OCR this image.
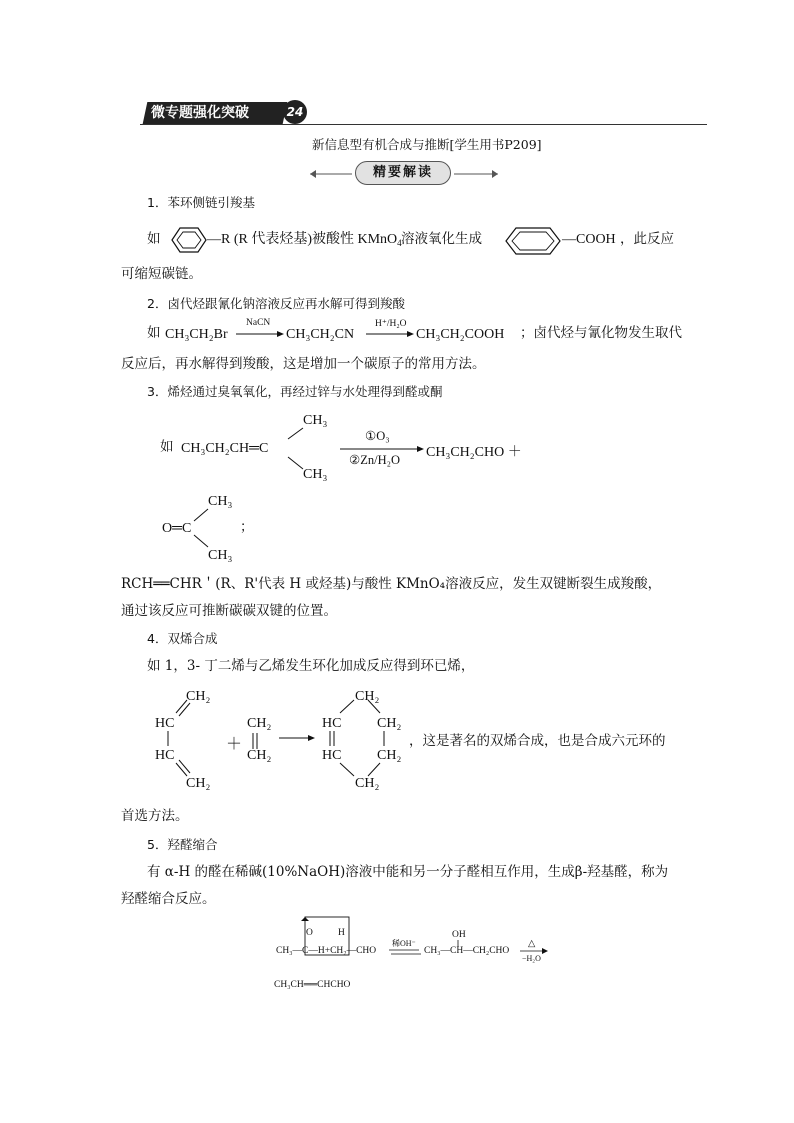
微专题强化突破	24
新信息型有机合成与推断[学生用书P209]
精要解读
1．苯环侧链引羧基
如	—R (R 代表烃基)被酸性 KMnO$_4$ 溶液氧化生成	—COOH ，此反应
可缩短碳链。
2．卤代烃跟氰化钠溶液反应再水解可得到羧酸
如 CH₃CH₂Br
NaCN
→ CH₃CH₂CN
H⁺/H₂O
→ CH₃CH₂COOH ；卤代烃与氰化物发生取代
反应后，再水解得到羧酸，这是增加一个碳原子的常用方法。
3．烯烃通过臭氧氧化，再经过锌与水处理得到醛或酮
如 CH₃CH₂CH═C
CH₃
CH₃
①O₃
②Zn/H₂O CH₃CH₂CHO ＋
CH₃
O═C
CH₃
；
RCH══CHR＇(R、R'代表 H 或烃基)与酸性 KMnO₄溶液反应，发生双键断裂生成羧酸，
通过该反应可推断碳碳双键的位置。
4．双烯合成
如 1，3- 丁二烯与乙烯发生环化加成反应得到环已烯，
CH₂
HC
HC
CH₂
＋
CH₂
CH₂
CH₂
HC	CH₂
HC	CH₂
CH₂
，这是著名的双烯合成，也是合成六元环的
首选方法。
5．羟醛缩合
有 α-H 的醛在稀碱(10%NaOH)溶液中能和另一分子醛相互作用，生成β-羟基醛，称为
羟醛缩合反应。
O	H
CH₃—C—H+CH₂—CHO
稀OH⁻
OH
CH₃—CH—CH₂CHO
△
−H₂O
CH₃CH══CHCHO
